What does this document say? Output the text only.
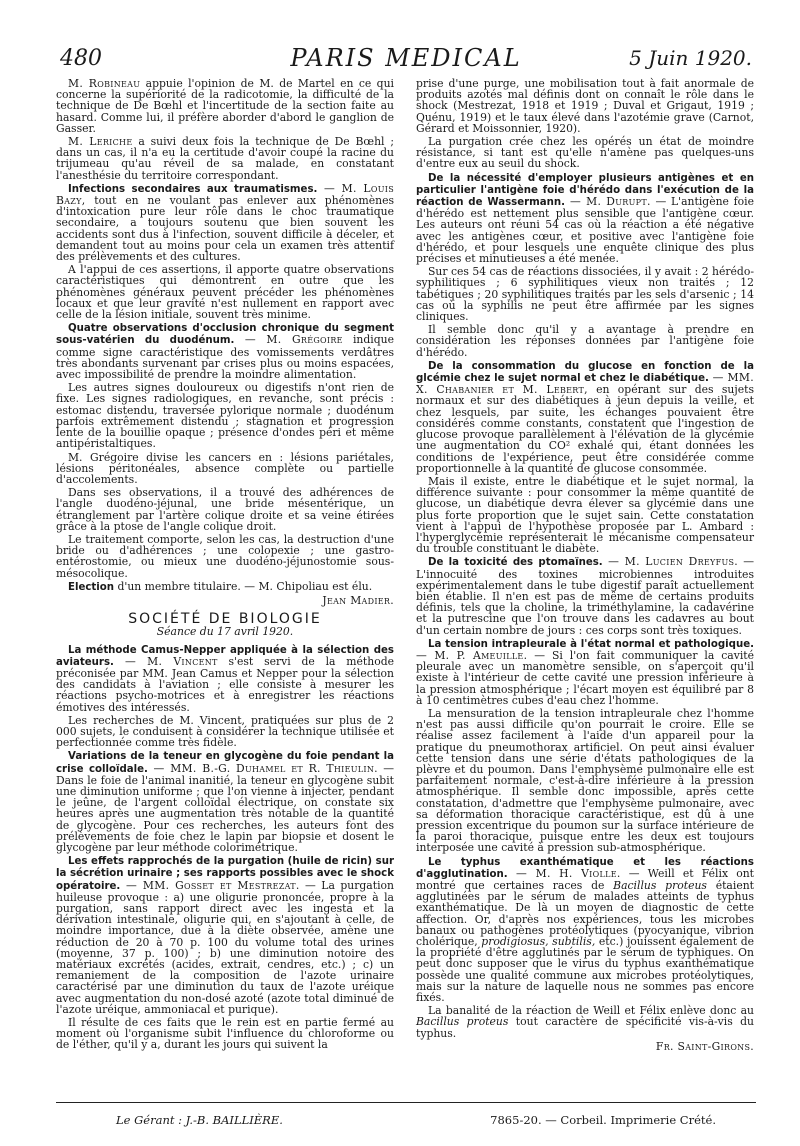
480	PARIS MEDICAL	5 Juin 1920.

M. Robineau appuie l'opinion de M. de Martel en ce qui concerne la supériorité de la radicotomie, la difficulté de la technique de De Bœhl et l'incertitude de la section faite au hasard. Comme lui, il préfère aborder d'abord le ganglion de Gasser.

M. Leriche a suivi deux fois la technique de De Bœhl ; dans un cas, il n'a eu la certitude d'avoir coupé la racine du trijumeau qu'au réveil de sa malade, en constatant l'anesthésie du territoire correspondant.

Infections secondaires aux traumatismes. — M. Louis Bazy, tout en ne voulant pas enlever aux phénomènes d'intoxication pure leur rôle dans le choc traumatique secondaire, a toujours soutenu que bien souvent les accidents sont dus à l'infection, souvent difficile à déceler, et demandent tout au moins pour cela un examen très attentif des prélèvements et des cultures.

A l'appui de ces assertions, il apporte quatre observations caractéristiques qui démontrent en outre que les phénomènes généraux peuvent précéder les phénomènes locaux et que leur gravité n'est nullement en rapport avec celle de la lésion initiale, souvent très minime.

Quatre observations d'occlusion chronique du segment sous-vatérien du duodénum. — M. Grégoire indique comme signe caractéristique des vomissements verdâtres très abondants survenant par crises plus ou moins espacées, avec impossibilité de prendre la moindre alimentation.

Les autres signes douloureux ou digestifs n'ont rien de fixe. Les signes radiologiques, en revanche, sont précis : estomac distendu, traversée pylorique normale ; duodénum parfois extrêmement distendu ; stagnation et progression lente de la bouillie opaque ; présence d'ondes péri et même antipéristaltiques.

M. Grégoire divise les cancers en : lésions pariétales, lésions péritonéales, absence complète ou partielle d'accolements.

Dans ses observations, il a trouvé des adhérences de l'angle duodéno-jéjunal, une bride mésentérique, un étranglement par l'artère colique droite et sa veine étirées grâce à la ptose de l'angle colique droit.

Le traitement comporte, selon les cas, la destruction d'une bride ou d'adhérences ; une colopexie ; une gastro-entérostomie, ou mieux une duodéno-jéjunostomie sous-mésocolique.

Election d'un membre titulaire. — M. Chipoliau est élu.

Jean Madier.

SOCIÉTÉ DE BIOLOGIE
Séance du 17 avril 1920.

La méthode Camus-Nepper appliquée à la sélection des aviateurs. — M. Vincent s'est servi de la méthode préconisée par MM. Jean Camus et Nepper pour la sélection des candidats à l'aviation ; elle consiste à mesurer les réactions psycho-motrices et à enregistrer les réactions émotives des intéressés.

Les recherches de M. Vincent, pratiquées sur plus de 2 000 sujets, le conduisent à considérer la technique utilisée et perfectionnée comme très fidèle.

Variations de la teneur en glycogène du foie pendant la crise colloïdale. — MM. B.-G. Duhamel et R. Thieulin. — Dans le foie de l'animal inanitié, la teneur en glycogène subit une diminution uniforme ; que l'on vienne à injecter, pendant le jeûne, de l'argent colloïdal électrique, on constate six heures après une augmentation très notable de la quantité de glycogène. Pour ces recherches, les auteurs font des prélèvements de foie chez le lapin par biopsie et dosent le glycogène par leur méthode colorimétrique.

Les effets rapprochés de la purgation (huile de ricin) sur la sécrétion urinaire ; ses rapports possibles avec le shock opératoire. — MM. Gosset et Mestrezat. — La purgation huileuse provoque : a) une oligurie prononcée, propre à la purgation, sans rapport direct avec les ingesta et la dérivation intestinale, oligurie qui, en s'ajoutant à celle, de moindre importance, due à la diète observée, amène une réduction de 20 à 70 p. 100 du volume total des urines (moyenne, 37 p. 100) ; b) une diminution notoire des matériaux excrétés (acides, extrait, cendres, etc.) ; c) un remaniement de la composition de l'azote urinaire caractérisé par une diminution du taux de l'azote uréique avec augmentation du non-dosé azoté (azote total diminué de l'azote uréique, ammoniacal et purique).

Il résulte de ces faits que le rein est en partie fermé au moment où l'organisme subit l'influence du chloroforme ou de l'éther, qu'il y a, durant les jours qui suivent la

prise d'une purge, une mobilisation tout à fait anormale de produits azotés mal définis dont on connaît le rôle dans le shock (Mestrezat, 1918 et 1919 ; Duval et Grigaut, 1919 ; Quénu, 1919) et le taux élevé dans l'azotémie grave (Carnot, Gérard et Moissonnier, 1920).

La purgation crée chez les opérés un état de moindre résistance, si tant est qu'elle n'amène pas quelques-uns d'entre eux au seuil du shock.

De la nécessité d'employer plusieurs antigènes et en particulier l'antigène foie d'hérédo dans l'exécution de la réaction de Wassermann. — M. Durupt. — L'antigène foie d'hérédo est nettement plus sensible que l'antigène cœur. Les auteurs ont réuni 54 cas où la réaction a été négative avec les antigènes cœur, et positive avec l'antigène foie d'hérédo, et pour lesquels une enquête clinique des plus précises et minutieuses a été menée.

Sur ces 54 cas de réactions dissociées, il y avait : 2 hérédo-syphilitiques ; 6 syphilitiques vieux non traités ; 12 tabétiques ; 20 syphilitiques traités par les sels d'arsenic ; 14 cas où la syphilis ne peut être affirmée par les signes cliniques.

Il semble donc qu'il y a avantage à prendre en considération les réponses données par l'antigène foie d'hérédo.

De la consommation du glucose en fonction de la glcémie chez le sujet normal et chez le diabétique. — MM. X. Chabanier et M. Lebert, en opérant sur des sujets normaux et sur des diabétiques à jeun depuis la veille, et chez lesquels, par suite, les échanges pouvaient être considérés comme constants, constatent que l'ingestion de glucose provoque parallèlement à l'élévation de la glycémie une augmentation du CO² exhalé qui, étant données les conditions de l'expérience, peut être considérée comme proportionnelle à la quantité de glucose consommée.

Mais il existe, entre le diabétique et le sujet normal, la différence suivante : pour consommer la même quantité de glucose, un diabétique devra élever sa glycémie dans une plus forte proportion que le sujet sain. Cette constatation vient à l'appui de l'hypothèse proposée par L. Ambard : l'hyperglycémie représenterait le mécanisme compensateur du trouble constituant le diabète.

De la toxicité des ptomaïnes. — M. Lucien Dreyfus. — L'innocuité des toxines microbiennes introduites expérimentalement dans le tube digestif paraît actuellement bien établie. Il n'en est pas de même de certains produits définis, tels que la choline, la triméthylamine, la cadavérine et la putrescine que l'on trouve dans les cadavres au bout d'un certain nombre de jours : ces corps sont très toxiques.

La tension intrapleurale à l'état normal et pathologique. — M. P. Ameuille. — Si l'on fait communiquer la cavité pleurale avec un manomètre sensible, on s'aperçoit qu'il existe à l'intérieur de cette cavité une pression inférieure à la pression atmosphérique ; l'écart moyen est équilibré par 8 à 10 centimètres cubes d'eau chez l'homme.

La mensuration de la tension intrapleurale chez l'homme n'est pas aussi difficile qu'on pourrait le croire. Elle se réalise assez facilement à l'aide d'un appareil pour la pratique du pneumothorax artificiel. On peut ainsi évaluer cette tension dans une série d'états pathologiques de la plèvre et du poumon. Dans l'emphysème pulmonaire elle est parfaitement normale, c'est-à-dire inférieure à la pression atmosphérique. Il semble donc impossible, après cette constatation, d'admettre que l'emphysème pulmonaire, avec sa déformation thoracique caractéristique, est dû à une pression excentrique du poumon sur la surface intérieure de la paroi thoracique, puisque entre les deux est toujours interposée une cavité à pression sub-atmosphérique.

Le typhus exanthématique et les réactions d'agglutination. — M. H. Violle. — Weill et Félix ont montré que certaines races de Bacillus proteus étaient agglutinées par le sérum de malades atteints de typhus exanthématique. De là un moyen de diagnostic de cette affection. Or, d'après nos expériences, tous les microbes banaux ou pathogènes protéolytiques (pyocyanique, vibrion cholérique, prodigiosus, subtilis, etc.) jouissent également de la propriété d'être agglutinés par le sérum de typhiques. On peut donc supposer que le virus du typhus exanthématique possède une qualité commune aux microbes protéolytiques, mais sur la nature de laquelle nous ne sommes pas encore fixés.

La banalité de la réaction de Weill et Félix enlève donc au Bacillus proteus tout caractère de spécificité vis-à-vis du typhus.

Fr. Saint-Girons.

Le Gérant : J.-B. BAILLIÈRE.	7865-20. — Corbeil. Imprimerie Crété.
